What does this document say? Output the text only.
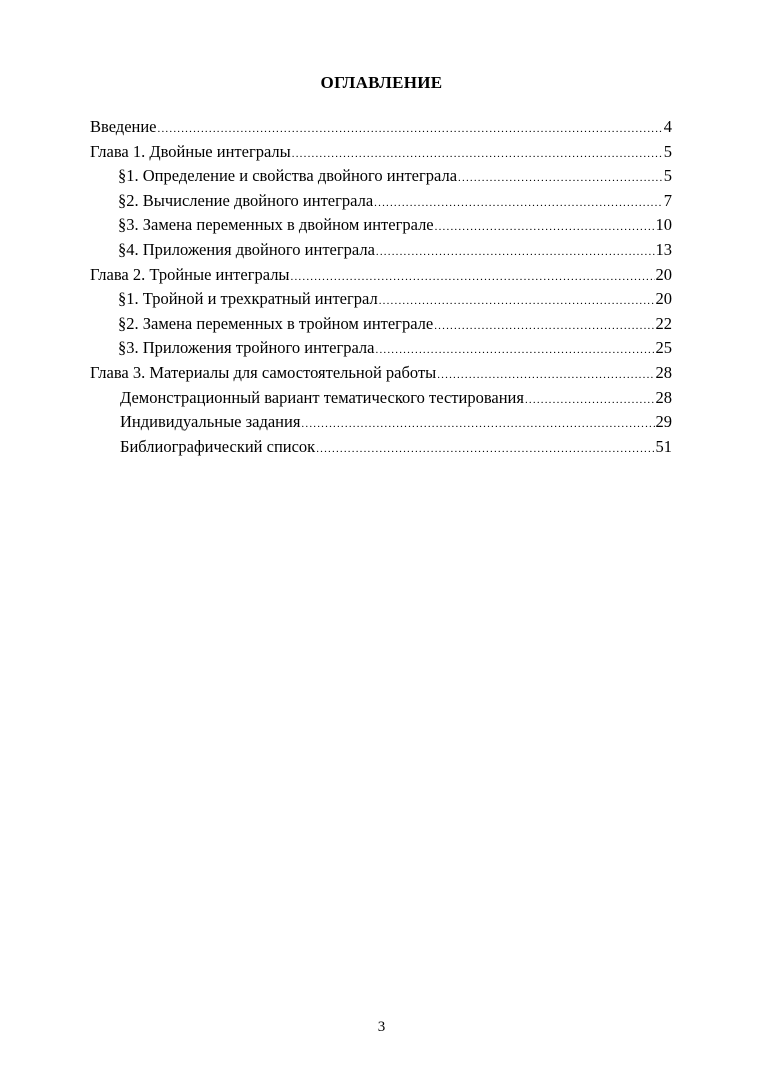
ОГЛАВЛЕНИЕ
Введение .....	4
Глава 1. Двойные интегралы .....	5
§1. Определение и свойства двойного интеграла .....	5
§2. Вычисление двойного интеграла .....	7
§3. Замена переменных в двойном интеграле .....	10
§4. Приложения двойного интеграла .....	13
Глава 2. Тройные интегралы .....	20
§1. Тройной и трехкратный интеграл .....	20
§2. Замена переменных в тройном интеграле .....	22
§3. Приложения тройного интеграла .....	25
Глава 3. Материалы для самостоятельной работы .....	28
Демонстрационный вариант тематического тестирования .....	28
Индивидуальные задания .....	29
Библиографический список .....	51
3
